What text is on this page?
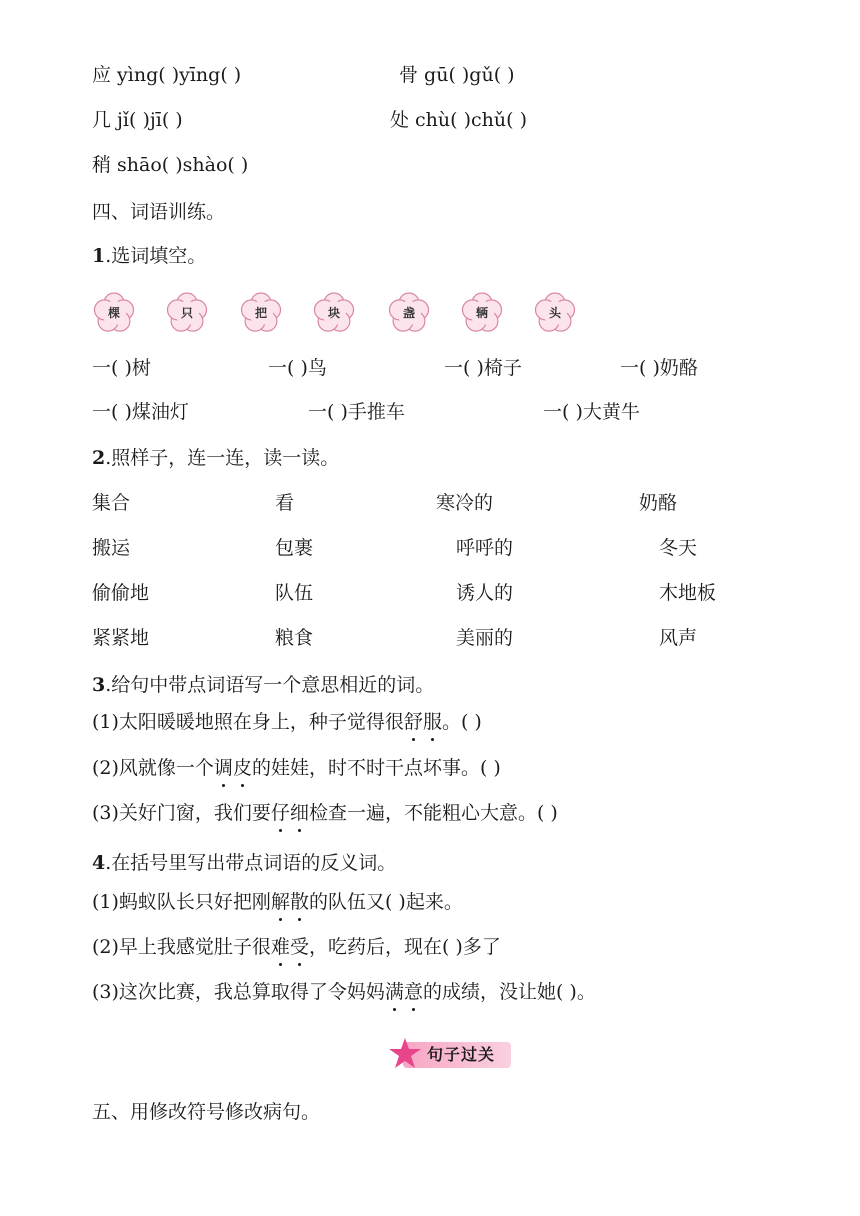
应 yìng( )yīng( )	骨 gū( )gǔ( )
几 jǐ( )jī( )	处 chù( )chǔ( )
稍 shāo( )shào( )
四、词语训练。
1.选词填空。
棵	只	把	块	盏	辆	头
一( )树	一( )鸟	一( )椅子	一( )奶酪
一( )煤油灯	一( )手推车	一( )大黄牛
2.照样子，连一连，读一读。
集合	看	寒冷的	奶酪
搬运	包裹	呼呼的	冬天
偷偷地	队伍	诱人的	木地板
紧紧地	粮食	美丽的	风声
3.给句中带点词语写一个意思相近的词。
(1)太阳暖暖地照在身上，种子觉得很舒服。( )
(2)风就像一个调皮的娃娃，时不时干点坏事。( )
(3)关好门窗，我们要仔细检查一遍，不能粗心大意。( )
4.在括号里写出带点词语的反义词。
(1)蚂蚁队长只好把刚解散的队伍又( )起来。
(2)早上我感觉肚子很难受，吃药后，现在( )多了
(3)这次比赛，我总算取得了令妈妈满意的成绩，没让她( )。
句子过关
五、用修改符号修改病句。
